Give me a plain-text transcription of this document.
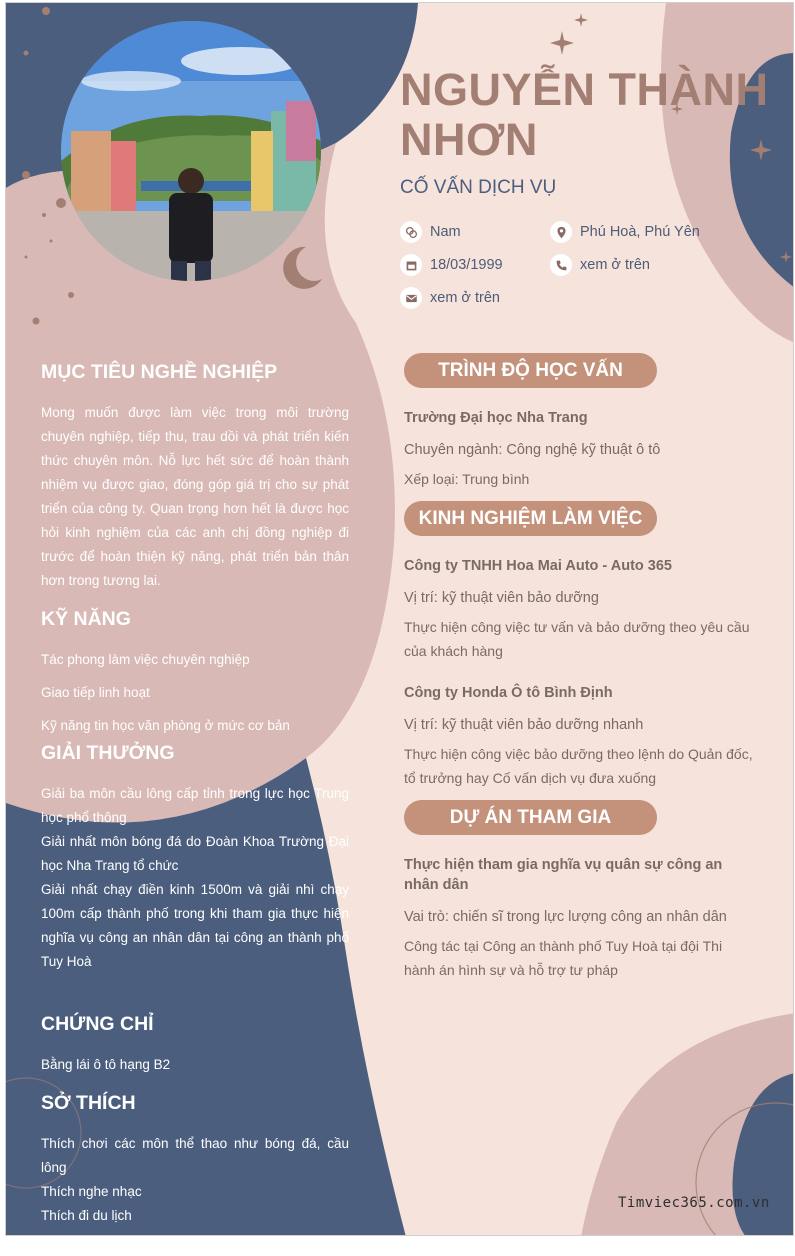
NGUYỄN THÀNH NHƠN
CỐ VẤN DỊCH VỤ
Nam	Phú Hoà, Phú Yên
18/03/1999	xem ở trên
xem ở trên
MỤC TIÊU NGHỀ NGHIỆP

Mong muốn được làm việc trong môi trường chuyên nghiệp, tiếp thu, trau dồi và phát triển kiến thức chuyên môn. Nỗ lực hết sức để hoàn thành nhiệm vụ được giao, đóng góp giá trị cho sự phát triển của công ty. Quan trọng hơn hết là được học hỏi kinh nghiệm của các anh chị đồng nghiệp đi trước để hoàn thiện kỹ năng, phát triển bản thân hơn trong tương lai.

KỸ NĂNG

Tác phong làm việc chuyên nghiệp

Giao tiếp linh hoạt

Kỹ năng tin học văn phòng ở mức cơ bản

GIẢI THƯỞNG

Giải ba môn cầu lông cấp tỉnh trong lực học Trung học phổ thông

Giải nhất môn bóng đá do Đoàn Khoa Trường Đại học Nha Trang tổ chức

Giải nhất chạy điền kinh 1500m và giải nhì chạy 100m cấp thành phố trong khi tham gia thực hiện nghĩa vụ công an nhân dân tại công an thành phố Tuy Hoà

CHỨNG CHỈ

Bằng lái ô tô hạng B2

SỞ THÍCH

Thích chơi các môn thể thao như bóng đá, cầu lông

Thích nghe nhạc

Thích đi du lịch

TRÌNH ĐỘ HỌC VẤN

Trường Đại học Nha Trang

Chuyên ngành: Công nghệ kỹ thuật ô tô

Xếp loại: Trung bình

KINH NGHIỆM LÀM VIỆC

Công ty TNHH Hoa Mai Auto - Auto 365

Vị trí: kỹ thuật viên bảo dưỡng

Thực hiện công việc tư vấn và bảo dưỡng theo yêu cầu của khách hàng

Công ty Honda Ô tô Bình Định

Vị trí: kỹ thuật viên bảo dưỡng nhanh

Thực hiện công việc bảo dưỡng theo lệnh do Quản đốc, tổ trưởng hay Cố vấn dịch vụ đưa xuống

DỰ ÁN THAM GIA

Thực hiện tham gia nghĩa vụ quân sự công an nhân dân

Vai trò: chiến sĩ trong lực lượng công an nhân dân

Công tác tại Công an thành phố Tuy Hoà tại đội Thi hành án hình sự và hỗ trợ tư pháp

Timviec365.com.vn
